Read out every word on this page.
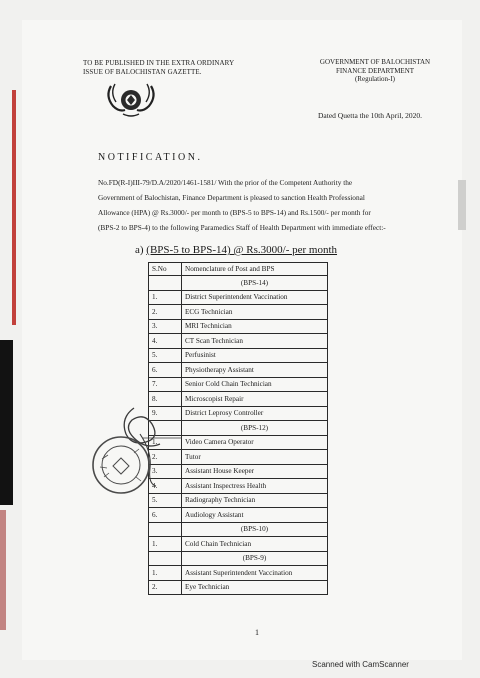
TO BE PUBLISHED IN THE EXTRA ORDINARY
ISSUE OF BALOCHISTAN GAZETTE.
GOVERNMENT OF BALOCHISTAN
FINANCE DEPARTMENT
(Regulation-I)
Dated Quetta the 10th April, 2020.
NOTIFICATION.
No.FD(R-I)III-79/D.A/2020/1461-1581/ With the prior of the Competent Authority the
Government of Balochistan, Finance Department is pleased to sanction Health Professional
Allowance (HPA) @ Rs.3000/- per month to (BPS-5 to BPS-14) and Rs.1500/- per month for
(BPS-2 to BPS-4) to the following Paramedics Staff of Health Department with immediate effect:-
a) (BPS-5 to BPS-14) @ Rs.3000/- per month
S.No	Nomenclature of Post and BPS
	(BPS-14)
1.	District Superintendent Vaccination
2.	ECG Technician
3.	MRI Technician
4.	CT Scan Technician
5.	Perfusinist
6.	Physiotherapy Assistant
7.	Senior Cold Chain Technician
8.	Microscopist Repair
9.	District Leprosy Controller
	(BPS-12)
1.	Video Camera Operator
2.	Tutor
3.	Assistant House Keeper
4.	Assistant Inspectress Health
5.	Radiography Technician
6.	Audiology Assistant
	(BPS-10)
1.	Cold Chain Technician
	(BPS-9)
1.	Assistant Superintendent Vaccination
2.	Eye Technician
1
Scanned with CamScanner
